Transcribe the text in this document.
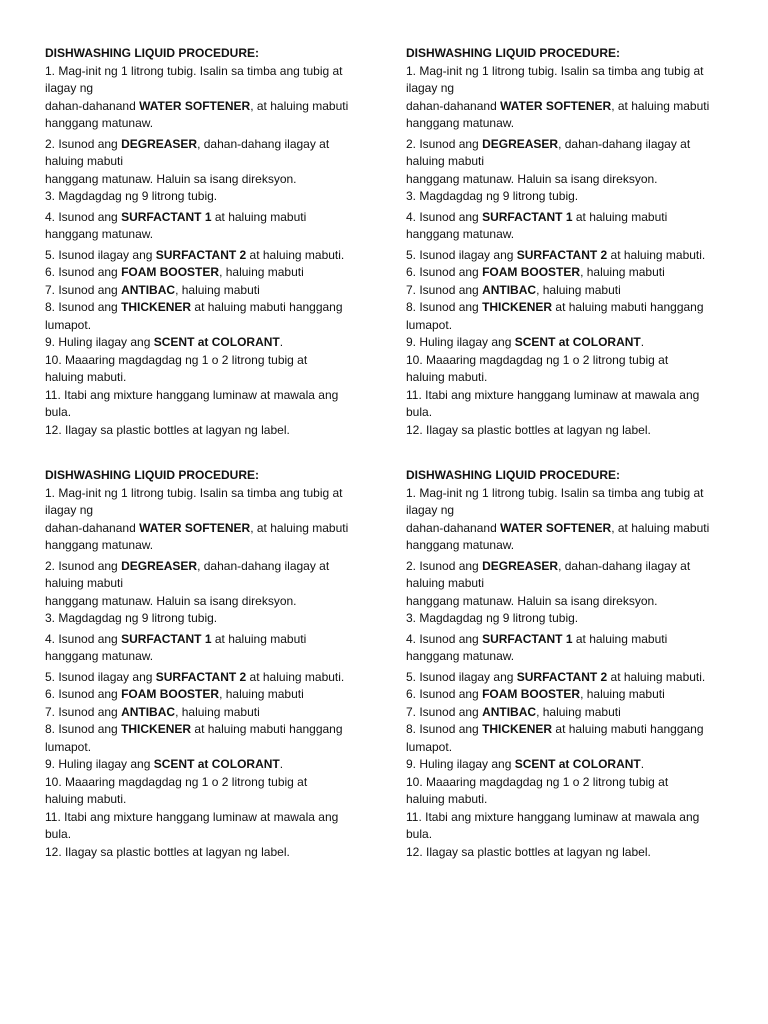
DISHWASHING LIQUID PROCEDURE:

1. Mag-init ng 1 litrong tubig. Isalin sa timba ang tubig at

ilagay ng

dahan-dahanand WATER SOFTENER, at haluing mabuti

hanggang matunaw.

2. Isunod ang DEGREASER, dahan-dahang ilagay at

haluing mabuti

hanggang matunaw. Haluin sa isang direksyon.

3. Magdagdag ng 9 litrong tubig.

4. Isunod ang SURFACTANT 1 at haluing mabuti

hanggang matunaw.

5. Isunod ilagay ang SURFACTANT 2 at haluing mabuti.

6. Isunod ang FOAM BOOSTER, haluing mabuti

7. Isunod ang ANTIBAC, haluing mabuti

8. Isunod ang THICKENER at haluing mabuti hanggang

lumapot.

9. Huling ilagay ang SCENT at COLORANT.

10. Maaaring magdagdag ng 1 o 2 litrong tubig at

haluing mabuti.

11. Itabi ang mixture hanggang luminaw at mawala ang

bula.

12. Ilagay sa plastic bottles at lagyan ng label.

DISHWASHING LIQUID PROCEDURE:

1. Mag-init ng 1 litrong tubig. Isalin sa timba ang tubig at

ilagay ng

dahan-dahanand WATER SOFTENER, at haluing mabuti

hanggang matunaw.

2. Isunod ang DEGREASER, dahan-dahang ilagay at

haluing mabuti

hanggang matunaw. Haluin sa isang direksyon.

3. Magdagdag ng 9 litrong tubig.

4. Isunod ang SURFACTANT 1 at haluing mabuti

hanggang matunaw.

5. Isunod ilagay ang SURFACTANT 2 at haluing mabuti.

6. Isunod ang FOAM BOOSTER, haluing mabuti

7. Isunod ang ANTIBAC, haluing mabuti

8. Isunod ang THICKENER at haluing mabuti hanggang

lumapot.

9. Huling ilagay ang SCENT at COLORANT.

10. Maaaring magdagdag ng 1 o 2 litrong tubig at

haluing mabuti.

11. Itabi ang mixture hanggang luminaw at mawala ang

bula.

12. Ilagay sa plastic bottles at lagyan ng label.

DISHWASHING LIQUID PROCEDURE:

1. Mag-init ng 1 litrong tubig. Isalin sa timba ang tubig at

ilagay ng

dahan-dahanand WATER SOFTENER, at haluing mabuti

hanggang matunaw.

2. Isunod ang DEGREASER, dahan-dahang ilagay at

haluing mabuti

hanggang matunaw. Haluin sa isang direksyon.

3. Magdagdag ng 9 litrong tubig.

4. Isunod ang SURFACTANT 1 at haluing mabuti

hanggang matunaw.

5. Isunod ilagay ang SURFACTANT 2 at haluing mabuti.

6. Isunod ang FOAM BOOSTER, haluing mabuti

7. Isunod ang ANTIBAC, haluing mabuti

8. Isunod ang THICKENER at haluing mabuti hanggang

lumapot.

9. Huling ilagay ang SCENT at COLORANT.

10. Maaaring magdagdag ng 1 o 2 litrong tubig at

haluing mabuti.

11. Itabi ang mixture hanggang luminaw at mawala ang

bula.

12. Ilagay sa plastic bottles at lagyan ng label.

DISHWASHING LIQUID PROCEDURE:

1. Mag-init ng 1 litrong tubig. Isalin sa timba ang tubig at

ilagay ng

dahan-dahanand WATER SOFTENER, at haluing mabuti

hanggang matunaw.

2. Isunod ang DEGREASER, dahan-dahang ilagay at

haluing mabuti

hanggang matunaw. Haluin sa isang direksyon.

3. Magdagdag ng 9 litrong tubig.

4. Isunod ang SURFACTANT 1 at haluing mabuti

hanggang matunaw.

5. Isunod ilagay ang SURFACTANT 2 at haluing mabuti.

6. Isunod ang FOAM BOOSTER, haluing mabuti

7. Isunod ang ANTIBAC, haluing mabuti

8. Isunod ang THICKENER at haluing mabuti hanggang

lumapot.

9. Huling ilagay ang SCENT at COLORANT.

10. Maaaring magdagdag ng 1 o 2 litrong tubig at

haluing mabuti.

11. Itabi ang mixture hanggang luminaw at mawala ang

bula.

12. Ilagay sa plastic bottles at lagyan ng label.
